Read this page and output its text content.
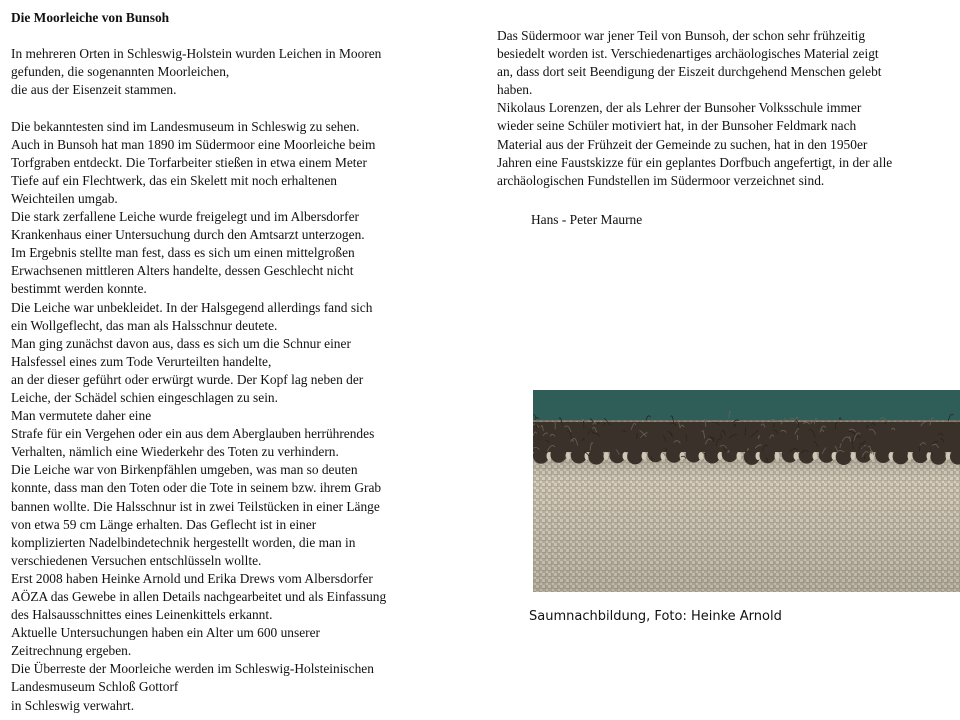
Die Moorleiche von Bunsoh
In mehreren Orten in Schleswig-Holstein wurden Leichen in Mooren
gefunden, die sogenannten Moorleichen,
die aus der Eisenzeit stammen.
Die bekanntesten sind im Landesmuseum in Schleswig zu sehen.
Auch in Bunsoh hat man 1890 im Südermoor eine Moorleiche beim
Torfgraben entdeckt. Die Torfarbeiter stießen in etwa einem Meter
Tiefe auf ein Flechtwerk, das ein Skelett mit noch erhaltenen
Weichteilen umgab.
Die stark zerfallene Leiche wurde freigelegt und im Albersdorfer
Krankenhaus einer Untersuchung durch den Amtsarzt unterzogen.
Im Ergebnis stellte man fest, dass es sich um einen mittelgroßen
Erwachsenen mittleren Alters handelte, dessen Geschlecht nicht
bestimmt werden konnte.
Die Leiche war unbekleidet. In der Halsgegend allerdings fand sich
ein Wollgeflecht, das man als Halsschnur deutete.
Man ging zunächst davon aus, dass es sich um die Schnur einer
Halsfessel eines zum Tode Verurteilten handelte,
an der dieser geführt oder erwürgt wurde. Der Kopf lag neben der
Leiche, der Schädel schien eingeschlagen zu sein.
Man vermutete daher eine
Strafe für ein Vergehen oder ein aus dem Aberglauben herrührendes
Verhalten, nämlich eine Wiederkehr des Toten zu verhindern.
Die Leiche war von Birkenpfählen umgeben, was man so deuten
konnte, dass man den Toten oder die Tote in seinem bzw. ihrem Grab
bannen wollte. Die Halsschnur ist in zwei Teilstücken in einer Länge
von etwa 59 cm Länge erhalten. Das Geflecht ist in einer
komplizierten Nadelbindetechnik hergestellt worden, die man in
verschiedenen Versuchen entschlüsseln wollte.
Erst 2008 haben Heinke Arnold und Erika Drews vom Albersdorfer
AÖZA das Gewebe in allen Details nachgearbeitet und als Einfassung
des Halsausschnittes eines Leinenkittels erkannt.
Aktuelle Untersuchungen haben ein Alter um 600 unserer
Zeitrechnung ergeben.
Die Überreste der Moorleiche werden im Schleswig-Holsteinischen
Landesmuseum Schloß Gottorf
in Schleswig verwahrt.
Das Südermoor war jener Teil von Bunsoh, der schon sehr frühzeitig
besiedelt worden ist. Verschiedenartiges archäologisches Material zeigt
an, dass dort seit Beendigung der Eiszeit durchgehend Menschen gelebt
haben.
Nikolaus Lorenzen, der als Lehrer der Bunsoher Volksschule immer
wieder seine Schüler motiviert hat, in der Bunsoher Feldmark nach
Material aus der Frühzeit der Gemeinde zu suchen, hat in den 1950er
Jahren eine Faustskizze für ein geplantes Dorfbuch angefertigt, in der alle
archäologischen Fundstellen im Südermoor verzeichnet sind.
Hans - Peter Maurne
Saumnachbildung, Foto: Heinke Arnold
